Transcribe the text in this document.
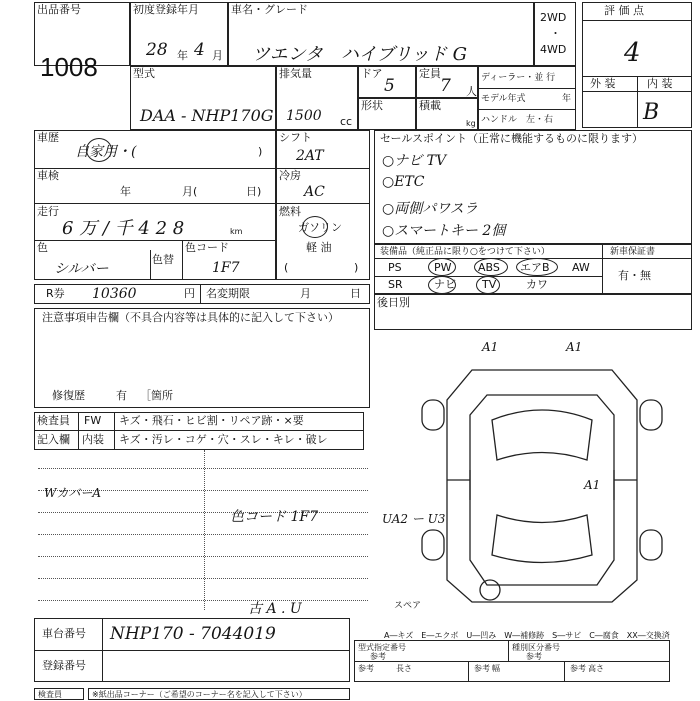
出品番号
1008
初度登録年月
28 年 4 月
車名・グレード
ツエンタ　ハイブリッド G
2WD
・
4WD
評 価 点
4
外 装	内 装
B
型式
DAA - NHP170G
排気量
1500 cc
ドア
5
定員
7 人
形状	積載
kg
ディーラー・並 行
モデル年式	年
ハンドル　左・右
車歴
自家用・(	)
車検
年	月(	日)
走行
6 万 / 千 4 2 8	km
色
シルバー
色替
色コード
1F7
シフト
2AT
冷房
AC
燃料
ガソリン
軽 油
(	)
セールスポイント（正常に機能するものに限ります）
○ナビ TV
○ETC
○両側パワスラ
○スマートキー 2個
装備品（純正品に限り○をつけて下さい）
PS	PW ABS エアB AW
SR	ナビ TV	カワ
新車保証書
有・無
R券 10360	円 名変期限	月	日
後日別
注意事項申告欄（不具合内容等は具体的に記入して下さい）
修復歴	有 ［箇所
検査員 FW キズ・飛石・ヒビ割・リペア跡・×要
記入欄 内装 キズ・汚レ・コゲ・穴・スレ・キレ・破レ
WカバーA
色コード 1F7
古 A . U
A1	A1
A1
UA2 ー U3
スペア
車台番号 NHP170 - 7044019
登録番号
A―キズ　E―エクボ　U―凹み　W―補修跡　S―サビ　C―腐食　XX―交換済
型式指定番号
参考
種別区分番号
参考
参考	長さ	参考 幅	参考 高さ
検査員	※紙出品コーナー（ご希望のコーナー名を記入して下さい）
